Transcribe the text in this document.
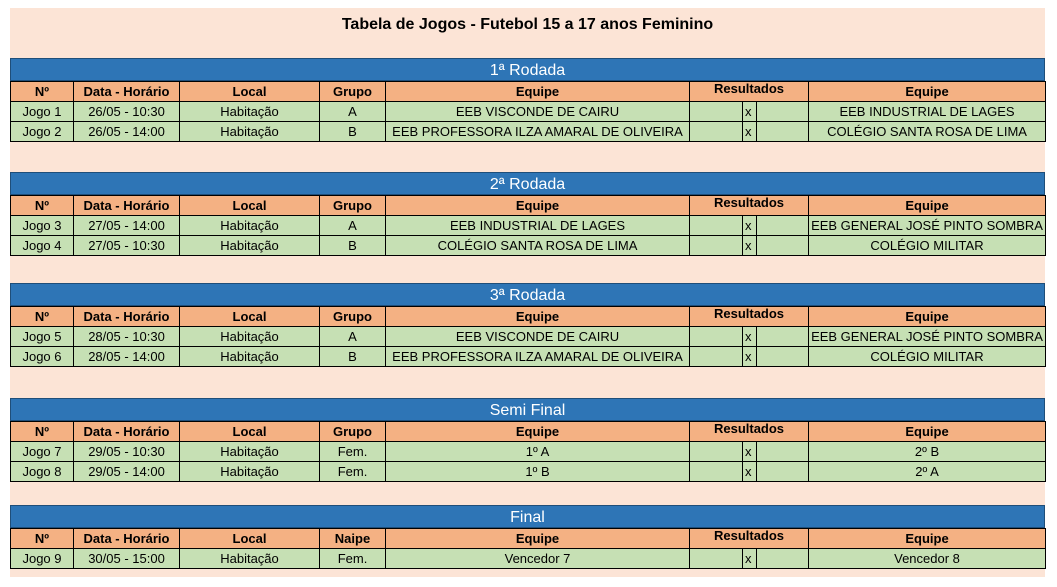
Tabela de Jogos - Futebol 15 a 17 anos Feminino
1ª Rodada
Nº	Data - Horário	Local	Grupo	Equipe	Resultados			Equipe
Jogo 1	26/05 - 10:30	Habitação	A	EEB VISCONDE DE CAIRU		x		EEB INDUSTRIAL DE LAGES
Jogo 2	26/05 - 14:00	Habitação	B	EEB PROFESSORA ILZA AMARAL DE OLIVEIRA		x		COLÉGIO SANTA ROSA DE LIMA
2ª Rodada
Nº	Data - Horário	Local	Grupo	Equipe	Resultados			Equipe
Jogo 3	27/05 - 14:00	Habitação	A	EEB INDUSTRIAL DE LAGES		x		EEB GENERAL JOSÉ PINTO SOMBRA
Jogo 4	27/05 - 10:30	Habitação	B	COLÉGIO SANTA ROSA DE LIMA		x		COLÉGIO MILITAR
3ª Rodada
Nº	Data - Horário	Local	Grupo	Equipe	Resultados			Equipe
Jogo 5	28/05 - 10:30	Habitação	A	EEB VISCONDE DE CAIRU		x		EEB GENERAL JOSÉ PINTO SOMBRA
Jogo 6	28/05 - 14:00	Habitação	B	EEB PROFESSORA ILZA AMARAL DE OLIVEIRA		x		COLÉGIO MILITAR
Semi Final
Nº	Data - Horário	Local	Grupo	Equipe	Resultados			Equipe
Jogo 7	29/05 - 10:30	Habitação	Fem.	1º A		x		2º B
Jogo 8	29/05 - 14:00	Habitação	Fem.	1º B		x		2º A
Final
Nº	Data - Horário	Local	Naipe	Equipe	Resultados			Equipe
Jogo 9	30/05 - 15:00	Habitação	Fem.	Vencedor 7		x		Vencedor 8
